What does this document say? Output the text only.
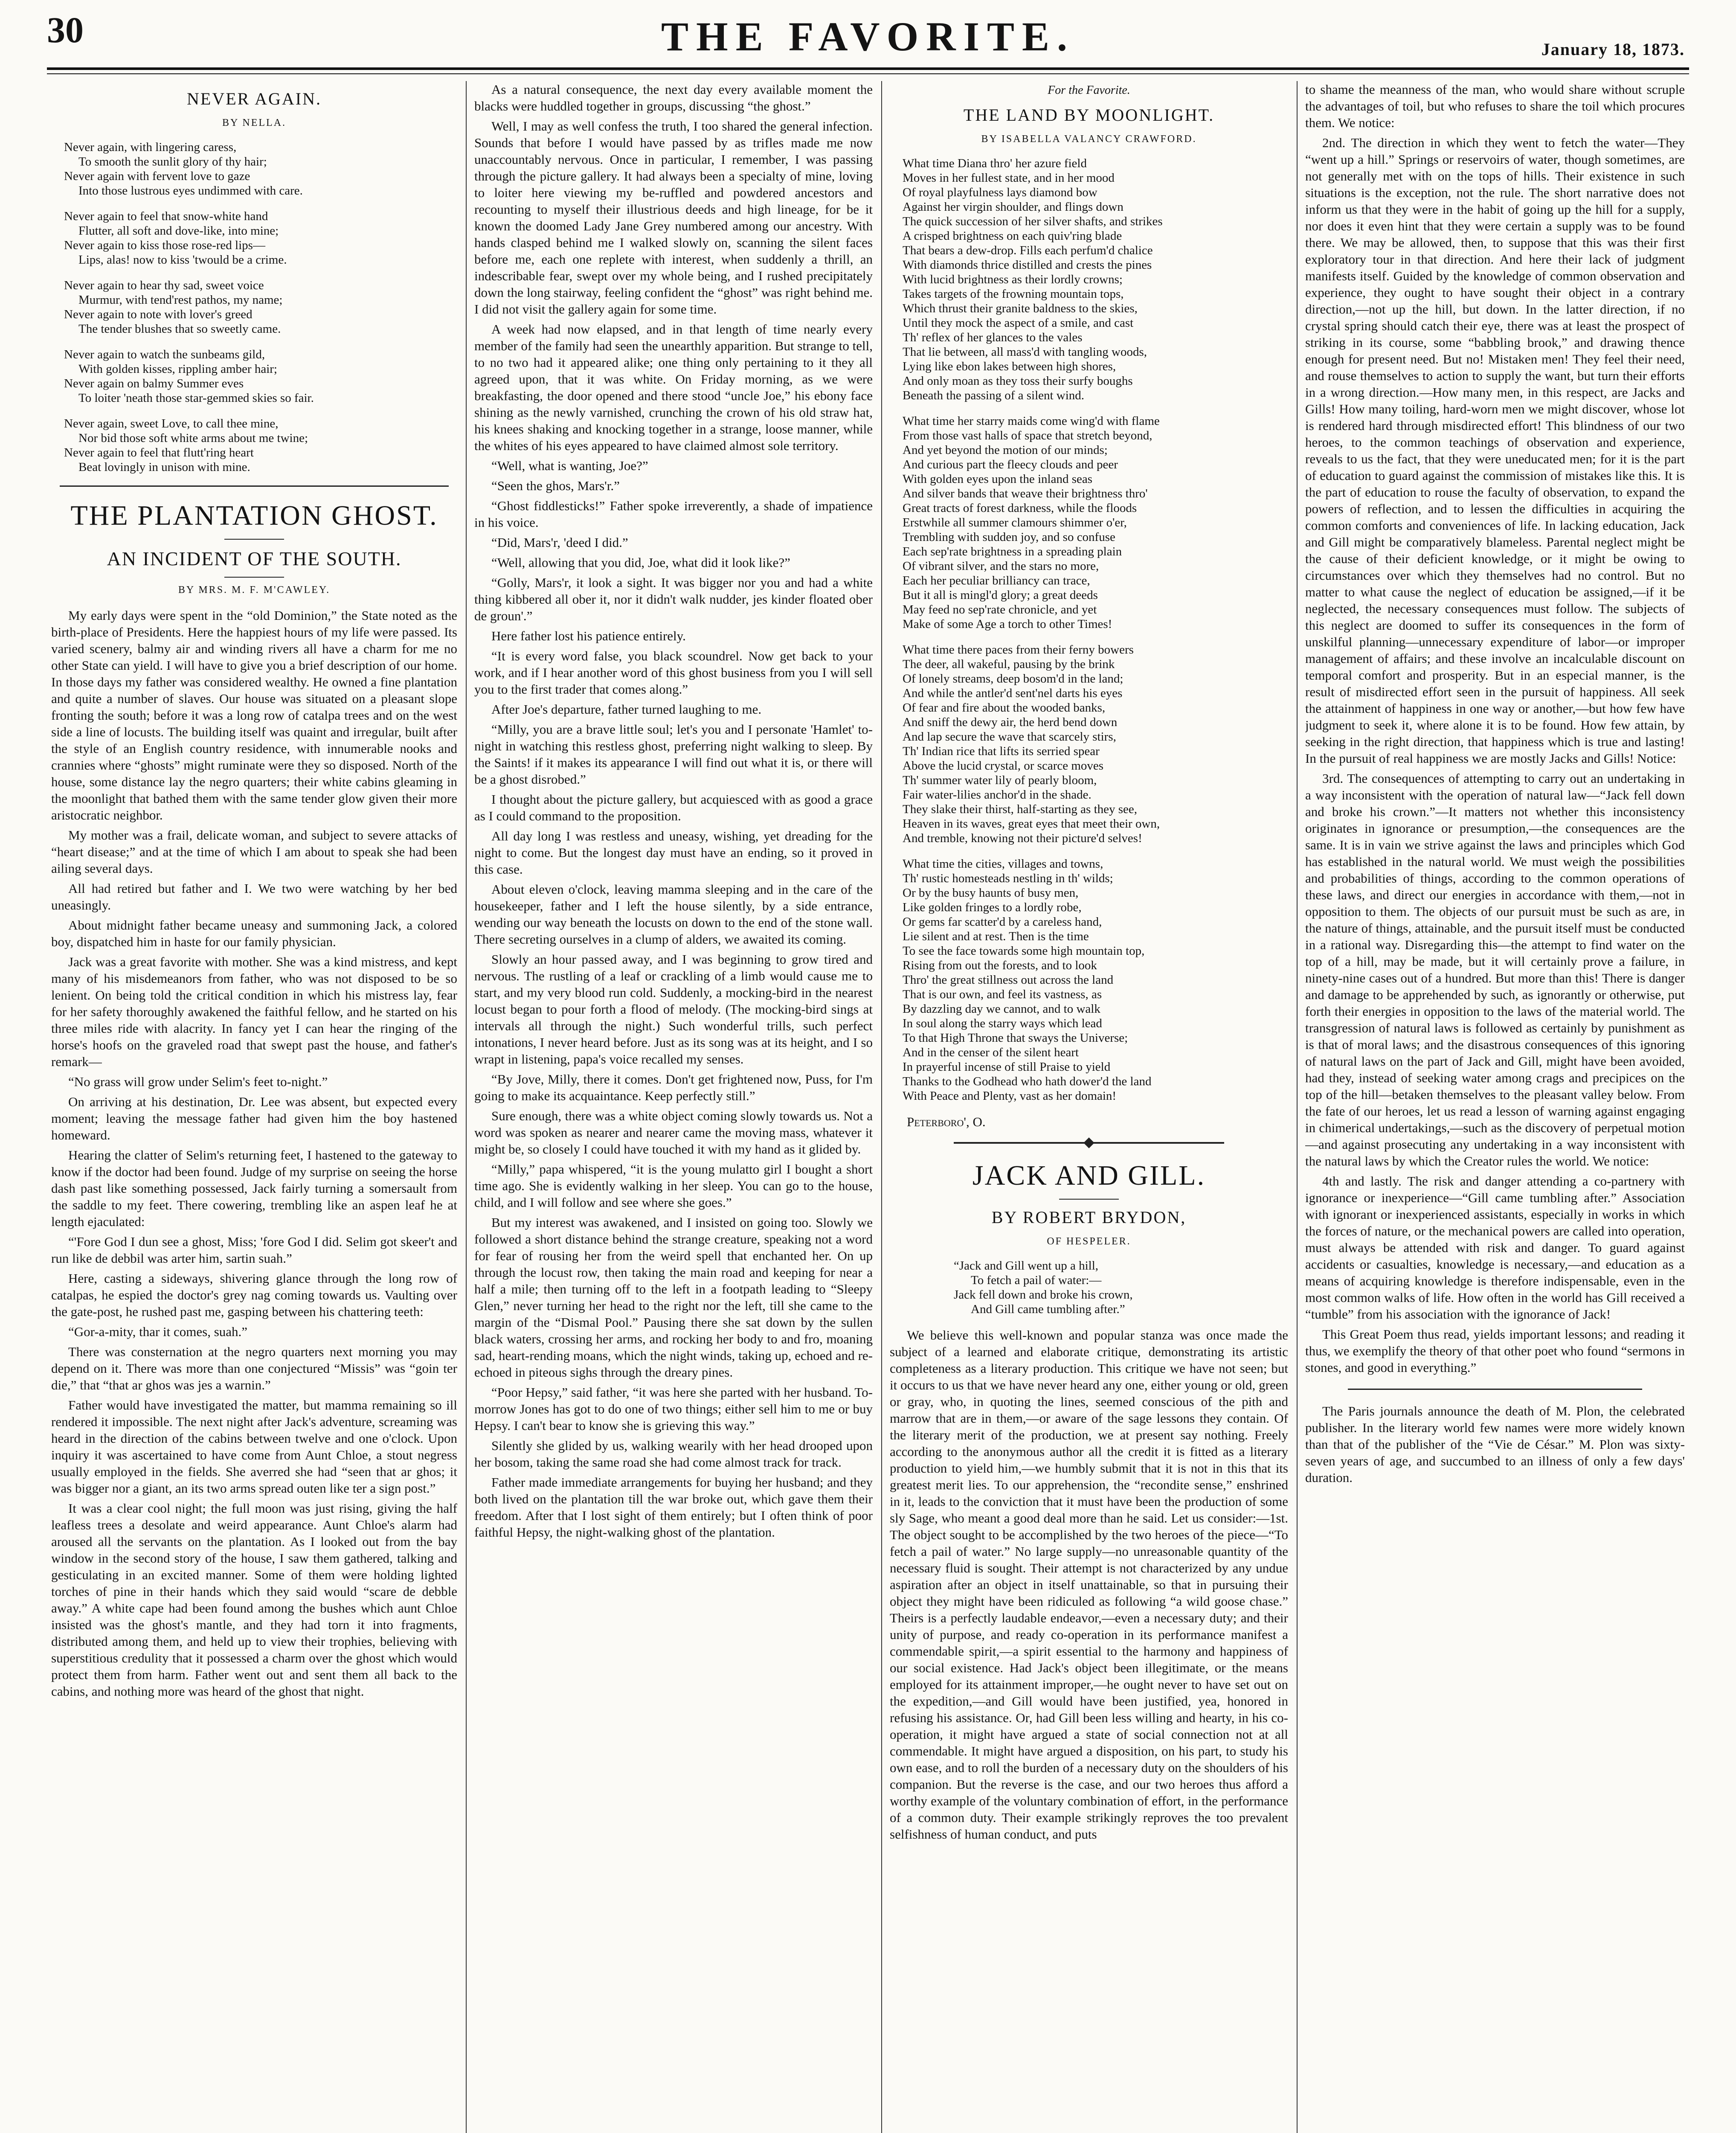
30	THE FAVORITE.	January 18, 1873.
NEVER AGAIN.
BY NELLA.
Never again, with lingering caress,
To smooth the sunlit glory of thy hair;
Never again with fervent love to gaze
Into those lustrous eyes undimmed with care.
Never again to feel that snow-white hand
Flutter, all soft and dove-like, into mine;
Never again to kiss those rose-red lips—
Lips, alas! now to kiss 'twould be a crime.
Never again to hear thy sad, sweet voice
Murmur, with tend'rest pathos, my name;
Never again to note with lover's greed
The tender blushes that so sweetly came.
Never again to watch the sunbeams gild,
With golden kisses, rippling amber hair;
Never again on balmy Summer eves
To loiter 'neath those star-gemmed skies so fair.
Never again, sweet Love, to call thee mine,
Nor bid those soft white arms about me twine;
Never again to feel that flutt'ring heart
Beat lovingly in unison with mine.
THE PLANTATION GHOST.
AN INCIDENT OF THE SOUTH.
BY MRS. M. F. M'CAWLEY.

My early days were spent in the “old Dominion,” the State noted as the birth-place of Presidents. Here the happiest hours of my life were passed. Its varied scenery, balmy air and winding rivers all have a charm for me no other State can yield. I will have to give you a brief description of our home. In those days my father was considered wealthy. He owned a fine plantation and quite a number of slaves. Our house was situated on a pleasant slope fronting the south; before it was a long row of catalpa trees and on the west side a line of locusts. The building itself was quaint and irregular, built after the style of an English country residence, with innumerable nooks and crannies where “ghosts” might ruminate were they so disposed. North of the house, some distance lay the negro quarters; their white cabins gleaming in the moonlight that bathed them with the same tender glow given their more aristocratic neighbor.

My mother was a frail, delicate woman, and subject to severe attacks of “heart disease;” and at the time of which I am about to speak she had been ailing several days.

All had retired but father and I. We two were watching by her bed uneasingly.

About midnight father became uneasy and summoning Jack, a colored boy, dispatched him in haste for our family physician.

Jack was a great favorite with mother. She was a kind mistress, and kept many of his misdemeanors from father, who was not disposed to be so lenient. On being told the critical condition in which his mistress lay, fear for her safety thoroughly awakened the faithful fellow, and he started on his three miles ride with alacrity. In fancy yet I can hear the ringing of the horse's hoofs on the graveled road that swept past the house, and father's remark—

“No grass will grow under Selim's feet to-night.”

On arriving at his destination, Dr. Lee was absent, but expected every moment; leaving the message father had given him the boy hastened homeward.

Hearing the clatter of Selim's returning feet, I hastened to the gateway to know if the doctor had been found. Judge of my surprise on seeing the horse dash past like something possessed, Jack fairly turning a somersault from the saddle to my feet. There cowering, trembling like an aspen leaf he at length ejaculated:

“'Fore God I dun see a ghost, Miss; 'fore God I did. Selim got skeer't and run like de debbil was arter him, sartin suah.”

Here, casting a sideways, shivering glance through the long row of catalpas, he espied the doctor's grey nag coming towards us. Vaulting over the gate-post, he rushed past me, gasping between his chattering teeth:

“Gor-a-mity, thar it comes, suah.”

There was consternation at the negro quarters next morning you may depend on it. There was more than one conjectured “Missis” was “goin ter die,” that “that ar ghos was jes a warnin.”

Father would have investigated the matter, but mamma remaining so ill rendered it impossible. The next night after Jack's adventure, screaming was heard in the direction of the cabins between twelve and one o'clock. Upon inquiry it was ascertained to have come from Aunt Chloe, a stout negress usually employed in the fields. She averred she had “seen that ar ghos; it was bigger nor a giant, an its two arms spread outen like ter a sign post.”

It was a clear cool night; the full moon was just rising, giving the half leafless trees a desolate and weird appearance. Aunt Chloe's alarm had aroused all the servants on the plantation. As I looked out from the bay window in the second story of the house, I saw them gathered, talking and gesticulating in an excited manner. Some of them were holding lighted torches of pine in their hands which they said would “scare de debble away.” A white cape had been found among the bushes which aunt Chloe insisted was the ghost's mantle, and they had torn it into fragments, distributed among them, and held up to view their trophies, believing with superstitious credulity that it possessed a charm over the ghost which would protect them from harm. Father went out and sent them all back to the cabins, and nothing more was heard of the ghost that night.

As a natural consequence, the next day every available moment the blacks were huddled together in groups, discussing “the ghost.”

Well, I may as well confess the truth, I too shared the general infection. Sounds that before I would have passed by as trifles made me now unaccountably nervous. Once in particular, I remember, I was passing through the picture gallery. It had always been a specialty of mine, loving to loiter here viewing my be-ruffled and powdered ancestors and recounting to myself their illustrious deeds and high lineage, for be it known the doomed Lady Jane Grey numbered among our ancestry. With hands clasped behind me I walked slowly on, scanning the silent faces before me, each one replete with interest, when suddenly a thrill, an indescribable fear, swept over my whole being, and I rushed precipitately down the long stairway, feeling confident the “ghost” was right behind me. I did not visit the gallery again for some time.

A week had now elapsed, and in that length of time nearly every member of the family had seen the unearthly apparition. But strange to tell, to no two had it appeared alike; one thing only pertaining to it they all agreed upon, that it was white. On Friday morning, as we were breakfasting, the door opened and there stood “uncle Joe,” his ebony face shining as the newly varnished, crunching the crown of his old straw hat, his knees shaking and knocking together in a strange, loose manner, while the whites of his eyes appeared to have claimed almost sole territory.

“Well, what is wanting, Joe?”

“Seen the ghos, Mars'r.”

“Ghost fiddlesticks!” Father spoke irreverently, a shade of impatience in his voice.

“Did, Mars'r, 'deed I did.”

“Well, allowing that you did, Joe, what did it look like?”

“Golly, Mars'r, it look a sight. It was bigger nor you and had a white thing kibbered all ober it, nor it didn't walk nudder, jes kinder floated ober de groun'.”

Here father lost his patience entirely.

“It is every word false, you black scoundrel. Now get back to your work, and if I hear another word of this ghost business from you I will sell you to the first trader that comes along.”

After Joe's departure, father turned laughing to me.

“Milly, you are a brave little soul; let's you and I personate 'Hamlet' to-night in watching this restless ghost, preferring night walking to sleep. By the Saints! if it makes its appearance I will find out what it is, or there will be a ghost disrobed.”

I thought about the picture gallery, but acquiesced with as good a grace as I could command to the proposition.

All day long I was restless and uneasy, wishing, yet dreading for the night to come. But the longest day must have an ending, so it proved in this case.

About eleven o'clock, leaving mamma sleeping and in the care of the housekeeper, father and I left the house silently, by a side entrance, wending our way beneath the locusts on down to the end of the stone wall. There secreting ourselves in a clump of alders, we awaited its coming.

Slowly an hour passed away, and I was beginning to grow tired and nervous. The rustling of a leaf or crackling of a limb would cause me to start, and my very blood run cold. Suddenly, a mocking-bird in the nearest locust began to pour forth a flood of melody. (The mocking-bird sings at intervals all through the night.) Such wonderful trills, such perfect intonations, I never heard before. Just as its song was at its height, and I so wrapt in listening, papa's voice recalled my senses.

“By Jove, Milly, there it comes. Don't get frightened now, Puss, for I'm going to make its acquaintance. Keep perfectly still.”

Sure enough, there was a white object coming slowly towards us. Not a word was spoken as nearer and nearer came the moving mass, whatever it might be, so closely I could have touched it with my hand as it glided by.

“Milly,” papa whispered, “it is the young mulatto girl I bought a short time ago. She is evidently walking in her sleep. You can go to the house, child, and I will follow and see where she goes.”

But my interest was awakened, and I insisted on going too. Slowly we followed a short distance behind the strange creature, speaking not a word for fear of rousing her from the weird spell that enchanted her. On up through the locust row, then taking the main road and keeping for near a half a mile; then turning off to the left in a footpath leading to “Sleepy Glen,” never turning her head to the right nor the left, till she came to the margin of the “Dismal Pool.” Pausing there she sat down by the sullen black waters, crossing her arms, and rocking her body to and fro, moaning sad, heart-rending moans, which the night winds, taking up, echoed and re-echoed in piteous sighs through the dreary pines.

“Poor Hepsy,” said father, “it was here she parted with her husband. To-morrow Jones has got to do one of two things; either sell him to me or buy Hepsy. I can't bear to know she is grieving this way.”

Silently she glided by us, walking wearily with her head drooped upon her bosom, taking the same road she had come almost track for track.

Father made immediate arrangements for buying her husband; and they both lived on the plantation till the war broke out, which gave them their freedom. After that I lost sight of them entirely; but I often think of poor faithful Hepsy, the night-walking ghost of the plantation.

For the Favorite.
THE LAND BY MOONLIGHT.
BY ISABELLA VALANCY CRAWFORD.
What time Diana thro' her azure field
Moves in her fullest state, and in her mood
Of royal playfulness lays diamond bow
Against her virgin shoulder, and flings down
The quick succession of her silver shafts, and strikes
A crisped brightness on each quiv'ring blade
That bears a dew-drop. Fills each perfum'd chalice
With diamonds thrice distilled and crests the pines
With lucid brightness as their lordly crowns;
Takes targets of the frowning mountain tops,
Which thrust their granite baldness to the skies,
Until they mock the aspect of a smile, and cast
Th' reflex of her glances to the vales
That lie between, all mass'd with tangling woods,
Lying like ebon lakes between high shores,
And only moan as they toss their surfy boughs
Beneath the passing of a silent wind.
What time her starry maids come wing'd with flame
From those vast halls of space that stretch beyond,
And yet beyond the motion of our minds;
And curious part the fleecy clouds and peer
With golden eyes upon the inland seas
And silver bands that weave their brightness thro'
Great tracts of forest darkness, while the floods
Erstwhile all summer clamours shimmer o'er,
Trembling with sudden joy, and so confuse
Each sep'rate brightness in a spreading plain
Of vibrant silver, and the stars no more,
Each her peculiar brilliancy can trace,
But it all is mingl'd glory; a great deeds
May feed no sep'rate chronicle, and yet
Make of some Age a torch to other Times!
What time there paces from their ferny bowers
The deer, all wakeful, pausing by the brink
Of lonely streams, deep bosom'd in the land;
And while the antler'd sent'nel darts his eyes
Of fear and fire about the wooded banks,
And sniff the dewy air, the herd bend down
And lap secure the wave that scarcely stirs,
Th' Indian rice that lifts its serried spear
Above the lucid crystal, or scarce moves
Th' summer water lily of pearly bloom,
Fair water-lilies anchor'd in the shade.
They slake their thirst, half-starting as they see,
Heaven in its waves, great eyes that meet their own,
And tremble, knowing not their picture'd selves!
What time the cities, villages and towns,
Th' rustic homesteads nestling in th' wilds;
Or by the busy haunts of busy men,
Like golden fringes to a lordly robe,
Or gems far scatter'd by a careless hand,
Lie silent and at rest. Then is the time
To see the face towards some high mountain top,
Rising from out the forests, and to look
Thro' the great stillness out across the land
That is our own, and feel its vastness, as
By dazzling day we cannot, and to walk
In soul along the starry ways which lead
To that High Throne that sways the Universe;
And in the censer of the silent heart
In prayerful incense of still Praise to yield
Thanks to the Godhead who hath dower'd the land
With Peace and Plenty, vast as her domain!
Peterboro', O.
JACK AND GILL.
BY ROBERT BRYDON,
OF HESPELER.
“Jack and Gill went up a hill,
To fetch a pail of water:—
Jack fell down and broke his crown,
And Gill came tumbling after.”

We believe this well-known and popular stanza was once made the subject of a learned and elaborate critique, demonstrating its artistic completeness as a literary production. This critique we have not seen; but it occurs to us that we have never heard any one, either young or old, green or gray, who, in quoting the lines, seemed conscious of the pith and marrow that are in them,—or aware of the sage lessons they contain. Of the literary merit of the production, we at present say nothing. Freely according to the anonymous author all the credit it is fitted as a literary production to yield him,—we humbly submit that it is not in this that its greatest merit lies. To our apprehension, the “recondite sense,” enshrined in it, leads to the conviction that it must have been the production of some sly Sage, who meant a good deal more than he said. Let us consider:—1st. The object sought to be accomplished by the two heroes of the piece—“To fetch a pail of water.” No large supply—no unreasonable quantity of the necessary fluid is sought. Their attempt is not characterized by any undue aspiration after an object in itself unattainable, so that in pursuing their object they might have been ridiculed as following “a wild goose chase.” Theirs is a perfectly laudable endeavor,—even a necessary duty; and their unity of purpose, and ready co-operation in its performance manifest a commendable spirit,—a spirit essential to the harmony and happiness of our social existence. Had Jack's object been illegitimate, or the means employed for its attainment improper,—he ought never to have set out on the expedition,—and Gill would have been justified, yea, honored in refusing his assistance. Or, had Gill been less willing and hearty, in his co-operation, it might have argued a state of social connection not at all commendable. It might have argued a disposition, on his part, to study his own ease, and to roll the burden of a necessary duty on the shoulders of his companion. But the reverse is the case, and our two heroes thus afford a worthy example of the voluntary combination of effort, in the performance of a common duty. Their example strikingly reproves the too prevalent selfishness of human conduct, and puts

to shame the meanness of the man, who would share without scruple the advantages of toil, but who refuses to share the toil which procures them. We notice:

2nd. The direction in which they went to fetch the water—They “went up a hill.” Springs or reservoirs of water, though sometimes, are not generally met with on the tops of hills. Their existence in such situations is the exception, not the rule. The short narrative does not inform us that they were in the habit of going up the hill for a supply, nor does it even hint that they were certain a supply was to be found there. We may be allowed, then, to suppose that this was their first exploratory tour in that direction. And here their lack of judgment manifests itself. Guided by the knowledge of common observation and experience, they ought to have sought their object in a contrary direction,—not up the hill, but down. In the latter direction, if no crystal spring should catch their eye, there was at least the prospect of striking in its course, some “babbling brook,” and drawing thence enough for present need. But no! Mistaken men! They feel their need, and rouse themselves to action to supply the want, but turn their efforts in a wrong direction.—How many men, in this respect, are Jacks and Gills! How many toiling, hard-worn men we might discover, whose lot is rendered hard through misdirected effort! This blindness of our two heroes, to the common teachings of observation and experience, reveals to us the fact, that they were uneducated men; for it is the part of education to guard against the commission of mistakes like this. It is the part of education to rouse the faculty of observation, to expand the powers of reflection, and to lessen the difficulties in acquiring the common comforts and conveniences of life. In lacking education, Jack and Gill might be comparatively blameless. Parental neglect might be the cause of their deficient knowledge, or it might be owing to circumstances over which they themselves had no control. But no matter to what cause the neglect of education be assigned,—if it be neglected, the necessary consequences must follow. The subjects of this neglect are doomed to suffer its consequences in the form of unskilful planning—unnecessary expenditure of labor—or improper management of affairs; and these involve an incalculable discount on temporal comfort and prosperity. But in an especial manner, is the result of misdirected effort seen in the pursuit of happiness. All seek the attainment of happiness in one way or another,—but how few have judgment to seek it, where alone it is to be found. How few attain, by seeking in the right direction, that happiness which is true and lasting! In the pursuit of real happiness we are mostly Jacks and Gills! Notice:

3rd. The consequences of attempting to carry out an undertaking in a way inconsistent with the operation of natural law—“Jack fell down and broke his crown.”—It matters not whether this inconsistency originates in ignorance or presumption,—the consequences are the same. It is in vain we strive against the laws and principles which God has established in the natural world. We must weigh the possibilities and probabilities of things, according to the common operations of these laws, and direct our energies in accordance with them,—not in opposition to them. The objects of our pursuit must be such as are, in the nature of things, attainable, and the pursuit itself must be conducted in a rational way. Disregarding this—the attempt to find water on the top of a hill, may be made, but it will certainly prove a failure, in ninety-nine cases out of a hundred. But more than this! There is danger and damage to be apprehended by such, as ignorantly or otherwise, put forth their energies in opposition to the laws of the material world. The transgression of natural laws is followed as certainly by punishment as is that of moral laws; and the disastrous consequences of this ignoring of natural laws on the part of Jack and Gill, might have been avoided, had they, instead of seeking water among crags and precipices on the top of the hill—betaken themselves to the pleasant valley below. From the fate of our heroes, let us read a lesson of warning against engaging in chimerical undertakings,—such as the discovery of perpetual motion—and against prosecuting any undertaking in a way inconsistent with the natural laws by which the Creator rules the world. We notice:

4th and lastly. The risk and danger attending a co-partnery with ignorance or inexperience—“Gill came tumbling after.” Association with ignorant or inexperienced assistants, especially in works in which the forces of nature, or the mechanical powers are called into operation, must always be attended with risk and danger. To guard against accidents or casualties, knowledge is necessary,—and education as a means of acquiring knowledge is therefore indispensable, even in the most common walks of life. How often in the world has Gill received a “tumble” from his association with the ignorance of Jack!

This Great Poem thus read, yields important lessons; and reading it thus, we exemplify the theory of that other poet who found “sermons in stones, and good in everything.”

The Paris journals announce the death of M. Plon, the celebrated publisher. In the literary world few names were more widely known than that of the publisher of the “Vie de César.” M. Plon was sixty-seven years of age, and succumbed to an illness of only a few days' duration.
